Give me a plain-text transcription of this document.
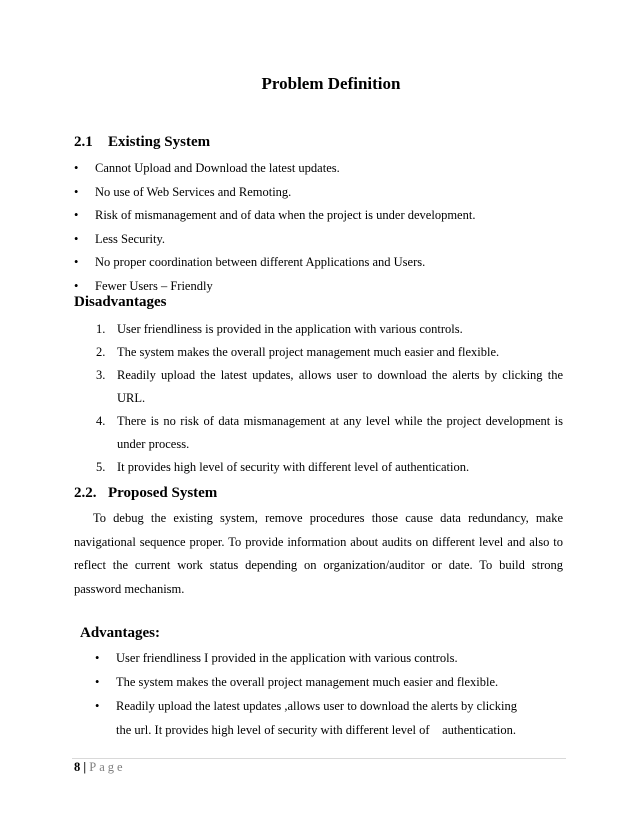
Problem Definition
2.1 Existing System
• Cannot Upload and Download the latest updates.
• No use of Web Services and Remoting.
• Risk of mismanagement and of data when the project is under development.
• Less Security.
• No proper coordination between different Applications and Users.
• Fewer Users – Friendly
Disadvantages
1. User friendliness is provided in the application with various controls.
2. The system makes the overall project management much easier and flexible.
3. Readily upload the latest updates, allows user to download the alerts by clicking the URL.
4. There is no risk of data mismanagement at any level while the project development is under process.
5. It provides high level of security with different level of authentication.
2.2. Proposed System

To debug the existing system, remove procedures those cause data redundancy, make navigational sequence proper. To provide information about audits on different level and also to reflect the current work status depending on organization/auditor or date. To build strong password mechanism.

Advantages:
• User friendliness I provided in the application with various controls.
• The system makes the overall project management much easier and flexible.
• Readily upload the latest updates ,allows user to download the alerts by clicking the url. It provides high level of security with different level of    authentication.
8 | Page
